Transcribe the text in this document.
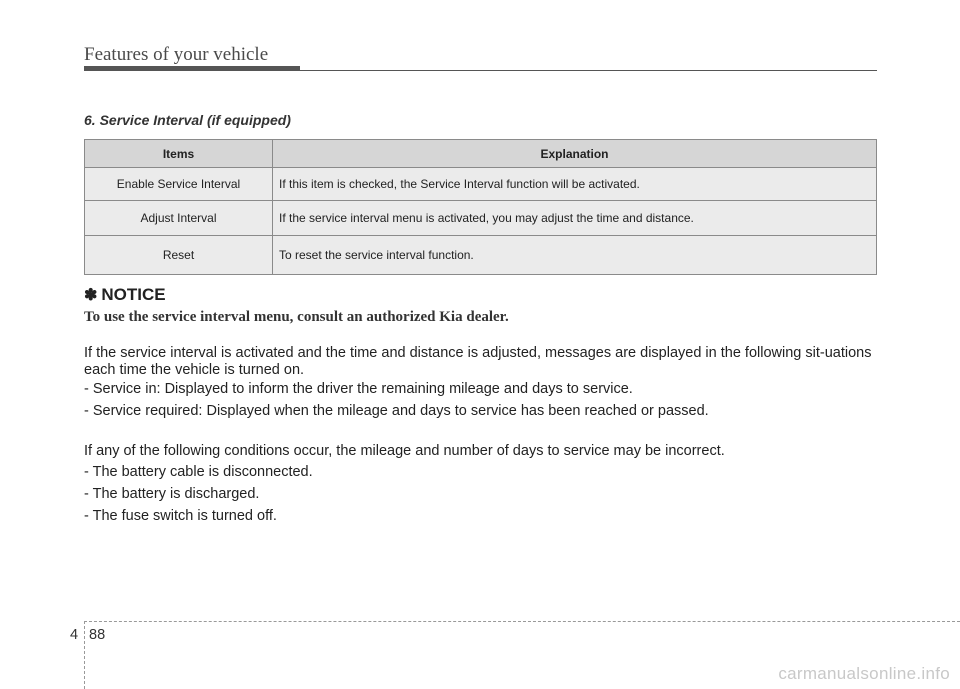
Features of your vehicle
6. Service Interval (if equipped)
Items	Explanation
Enable Service Interval	If this item is checked, the Service Interval function will be activated.
Adjust Interval	If the service interval menu is activated, you may adjust the time and distance.
Reset	To reset the service interval function.
✽ NOTICE
To use the service interval menu, consult an authorized Kia dealer.
If the service interval is activated and the time and distance is adjusted, messages are displayed in the following sit-uations each time the vehicle is turned on.
- Service in: Displayed to inform the driver the remaining mileage and days to service.
- Service required: Displayed when the mileage and days to service has been reached or passed.
If any of the following conditions occur, the mileage and number of days to service may be incorrect.
- The battery cable is disconnected.
- The battery is discharged.
- The fuse switch is turned off.
4 88
carmanualsonline.info
